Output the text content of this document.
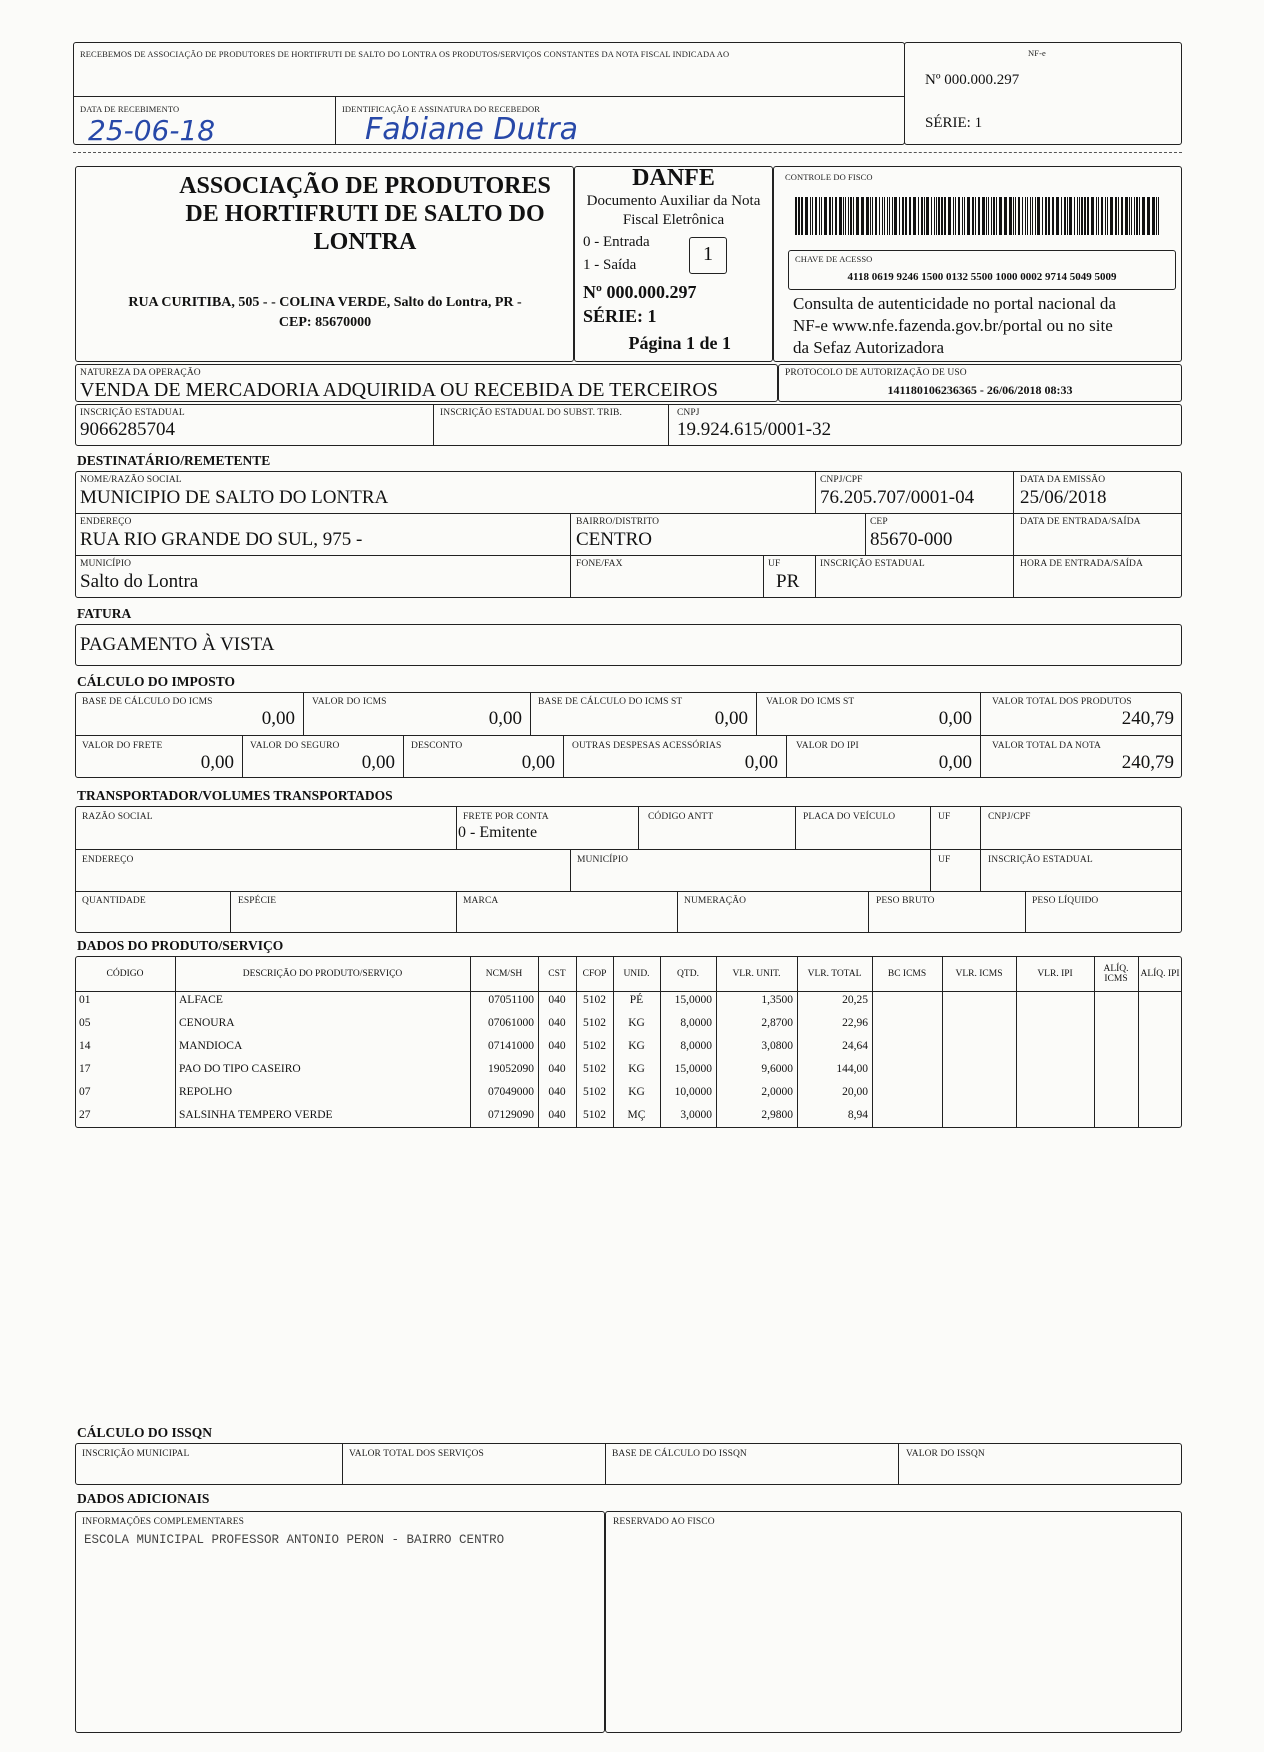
RECEBEMOS DE ASSOCIAÇÃO DE PRODUTORES DE HORTIFRUTI DE SALTO DO LONTRA OS PRODUTOS/SERVIÇOS CONSTANTES DA NOTA FISCAL INDICADA AO
DATA DE RECEBIMENTO
25-06-18
IDENTIFICAÇÃO E ASSINATURA DO RECEBEDOR
Fabiane Dutra
NF-e
Nº 000.000.297
SÉRIE: 1
ASSOCIAÇÃO DE PRODUTORES DE HORTIFRUTI DE SALTO DO LONTRA
RUA CURITIBA, 505 - - COLINA VERDE, Salto do Lontra, PR -
CEP: 85670000
DANFE
Documento Auxiliar da Nota
Fiscal Eletrônica
0 - Entrada
1 - Saída	1
Nº 000.000.297
SÉRIE: 1
Página 1 de 1
CONTROLE DO FISCO
CHAVE DE ACESSO
4118 0619 9246 1500 0132 5500 1000 0002 9714 5049 5009
Consulta de autenticidade no portal nacional da
NF-e www.nfe.fazenda.gov.br/portal ou no site
da Sefaz Autorizadora
NATUREZA DA OPERAÇÃO
VENDA DE MERCADORIA ADQUIRIDA OU RECEBIDA DE TERCEIROS
PROTOCOLO DE AUTORIZAÇÃO DE USO
141180106236365 - 26/06/2018 08:33
INSCRIÇÃO ESTADUAL
9066285704
INSCRIÇÃO ESTADUAL DO SUBST. TRIB.	CNPJ
19.924.615/0001-32
DESTINATÁRIO/REMETENTE
NOME/RAZÃO SOCIAL
MUNICIPIO DE SALTO DO LONTRA
CNPJ/CPF
76.205.707/0001-04
DATA DA EMISSÃO
25/06/2018
ENDEREÇO
RUA RIO GRANDE DO SUL, 975 -
BAIRRO/DISTRITO
CENTRO
CEP
85670-000
DATA DE ENTRADA/SAÍDA
MUNICÍPIO
Salto do Lontra
FONE/FAX	UF
PR
INSCRIÇÃO ESTADUAL	HORA DE ENTRADA/SAÍDA
FATURA
PAGAMENTO À VISTA
CÁLCULO DO IMPOSTO
BASE DE CÁLCULO DO ICMS
0,00
VALOR DO ICMS
0,00
BASE DE CÁLCULO DO ICMS ST
0,00
VALOR DO ICMS ST
0,00
VALOR TOTAL DOS PRODUTOS
240,79
VALOR DO FRETE
0,00
VALOR DO SEGURO
0,00
DESCONTO
0,00
OUTRAS DESPESAS ACESSÓRIAS
0,00
VALOR DO IPI
0,00
VALOR TOTAL DA NOTA
240,79
TRANSPORTADOR/VOLUMES TRANSPORTADOS
RAZÃO SOCIAL	FRETE POR CONTA
0 - Emitente
CÓDIGO ANTT	PLACA DO VEÍCULO	UF	CNPJ/CPF
ENDEREÇO	MUNICÍPIO	UF	INSCRIÇÃO ESTADUAL
QUANTIDADE	ESPÉCIE	MARCA	NUMERAÇÃO	PESO BRUTO	PESO LÍQUIDO
DADOS DO PRODUTO/SERVIÇO
CÓDIGO	DESCRIÇÃO DO PRODUTO/SERVIÇO	NCM/SH	CST	CFOP	UNID.	QTD.	VLR. UNIT.	VLR. TOTAL	BC ICMS	VLR. ICMS	VLR. IPI	ALÍQ. ICMS	ALÍQ. IPI
01	ALFACE	07051100	040	5102	PÉ	15,0000	1,3500	20,25
05	CENOURA	07061000	040	5102	KG	8,0000	2,8700	22,96
14	MANDIOCA	07141000	040	5102	KG	8,0000	3,0800	24,64
17	PAO DO TIPO CASEIRO	19052090	040	5102	KG	15,0000	9,6000	144,00
07	REPOLHO	07049000	040	5102	KG	10,0000	2,0000	20,00
27	SALSINHA TEMPERO VERDE	07129090	040	5102	MÇ	3,0000	2,9800	8,94
CÁLCULO DO ISSQN
INSCRIÇÃO MUNICIPAL	VALOR TOTAL DOS SERVIÇOS	BASE DE CÁLCULO DO ISSQN	VALOR DO ISSQN
DADOS ADICIONAIS
INFORMAÇÕES COMPLEMENTARES
ESCOLA MUNICIPAL PROFESSOR ANTONIO PERON - BAIRRO CENTRO
RESERVADO AO FISCO
